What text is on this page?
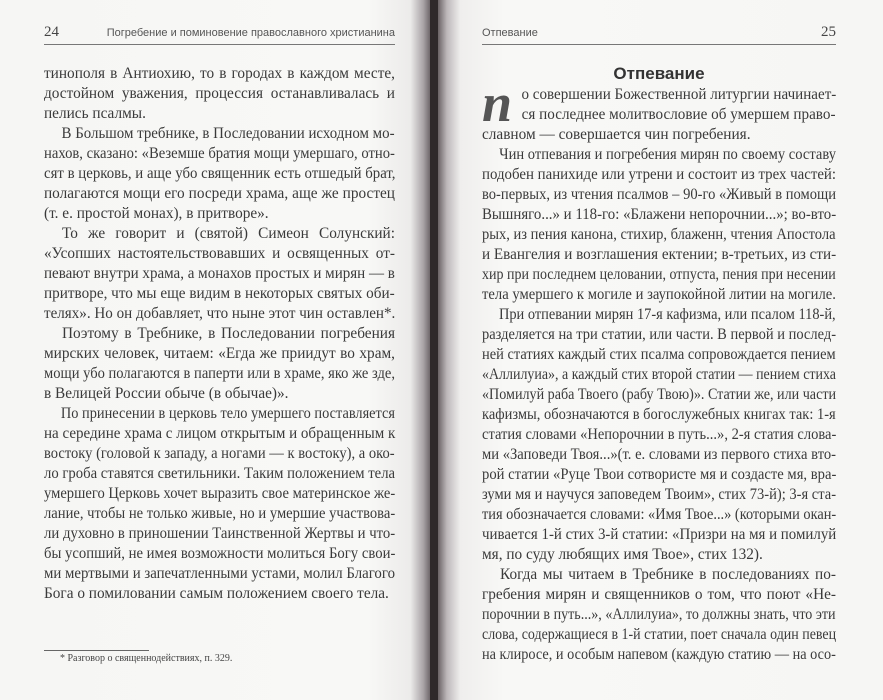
24	Погребение и поминовение православного христианина
тинополя в Антиохию, то в городах в каждом месте,
достойном уважения, процессия останавливалась и
пелись псалмы.
В Большом требнике, в Последовании исходном мо-
нахов, сказано: «Веземше братия мощи умершаго, отно-
сят в церковь, и аще убо священник есть отшедый брат,
полагаются мощи его посреди храма, аще же простец
(т. е. простой монах), в притворе».
То же говорит и (святой) Симеон Солунский:
«Усопших настоятельствовавших и освященных от-
певают внутри храма, а монахов простых и мирян — в
притворе, что мы еще видим в некоторых святых оби-
телях». Но он добавляет, что ныне этот чин оставлен*.
Поэтому в Требнике, в Последовании погребения
мирских человек, читаем: «Егда же приидут во храм,
мощи убо полагаются в паперти или в храме, яко же зде,
в Велицей России обыче (в обычае)».
По принесении в церковь тело умершего поставляется
на середине храма с лицом открытым и обращенным к
востоку (головой к западу, а ногами — к востоку), а око-
ло гроба ставятся светильники. Таким положением тела
умершего Церковь хочет выразить свое материнское же-
лание, чтобы не только живые, но и умершие участвова-
ли духовно в приношении Таинственной Жертвы и что-
бы усопший, не имея возможности молиться Богу свои-
ми мертвыми и запечатленными устами, молил Благого
Бога о помиловании самым положением своего тела.
* Разговор о священнодействиях, п. 329.
Отпевание	25
Отпевание
п о совершении Божественной литургии начинает-
ся последнее молитвословие об умершем право-
славном — совершается чин погребения.
Чин отпевания и погребения мирян по своему составу
подобен панихиде или утрени и состоит из трех частей:
во-первых, из чтения псалмов – 90-го «Живый в помощи
Вышняго...» и 118-го: «Блажени непорочнии...»; во-вто-
рых, из пения канона, стихир, блаженн, чтения Апостола
и Евангелия и возглашения ектении; в-третьих, из сти-
хир при последнем целовании, отпуста, пения при несении
тела умершего к могиле и заупокойной литии на могиле.
При отпевании мирян 17-я кафизма, или псалом 118-й,
разделяется на три статии, или части. В первой и послед-
ней статиях каждый стих псалма сопровождается пением
«Аллилуиа», а каждый стих второй статии — пением стиха
«Помилуй раба Твоего (рабу Твою)». Статии же, или части
кафизмы, обозначаются в богослужебных книгах так: 1-я
статия словами «Непорочнии в путь...», 2-я статия слова-
ми «Заповеди Твоя...»(т. е. словами из первого стиха вто-
рой статии «Руце Твои сотвористе мя и создасте мя, вра-
зуми мя и научуся заповедем Твоим», стих 73-й); 3-я ста-
тия обозначается словами: «Имя Твое...» (которыми окан-
чивается 1-й стих 3-й статии: «Призри на мя и помилуй
мя, по суду любящих имя Твое», стих 132).
Когда мы читаем в Требнике в последованиях по-
гребения мирян и священников о том, что поют «Не-
порочнии в путь...», «Аллилуиа», то должны знать, что эти
слова, содержащиеся в 1-й статии, поет сначала один певец
на клиросе, и особым напевом (каждую статию — на осо-
